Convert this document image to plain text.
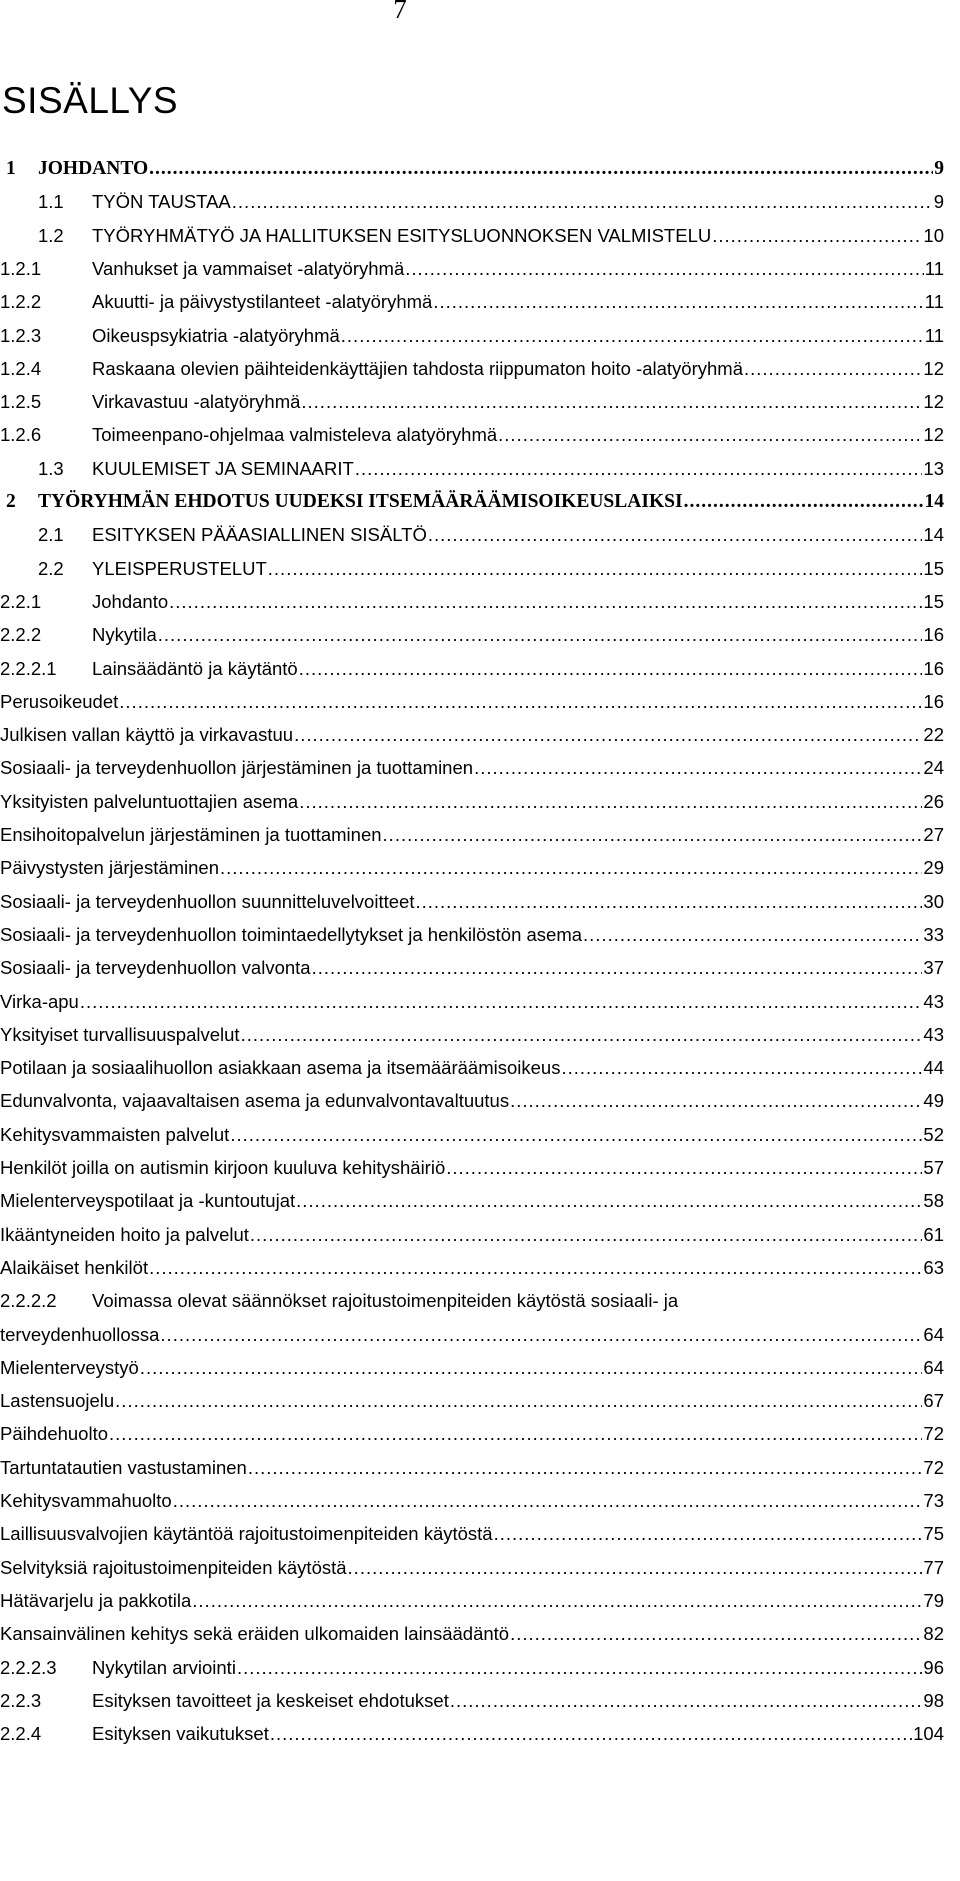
7
SISÄLLYS
1	JOHDANTO .....	9
1.1	TYÖN TAUSTAA .....	9
1.2	TYÖRYHMÄTYÖ JA HALLITUKSEN ESITYSLUONNOKSEN VALMISTELU .....	10
1.2.1	Vanhukset ja vammaiset -alatyöryhmä .....	11
1.2.2	Akuutti- ja päivystystilanteet -alatyöryhmä .....	11
1.2.3	Oikeuspsykiatria -alatyöryhmä .....	11
1.2.4	Raskaana olevien päihteidenkäyttäjien tahdosta riippumaton hoito -alatyöryhmä .....	12
1.2.5	Virkavastuu -alatyöryhmä .....	12
1.2.6	Toimeenpano-ohjelmaa valmisteleva alatyöryhmä .....	12
1.3	KUULEMISET JA SEMINAARIT .....	13
2	TYÖRYHMÄN EHDOTUS UUDEKSI ITSEMÄÄRÄÄMISOIKEUSLAIKSI .....	14
2.1	ESITYKSEN PÄÄASIALLINEN SISÄLTÖ .....	14
2.2	YLEISPERUSTELUT .....	15
2.2.1	Johdanto .....	15
2.2.2	Nykytila .....	16
2.2.2.1	Lainsäädäntö ja käytäntö .....	16
Perusoikeudet .....	16
Julkisen vallan käyttö ja virkavastuu .....	22
Sosiaali- ja terveydenhuollon järjestäminen ja tuottaminen .....	24
Yksityisten palveluntuottajien asema .....	26
Ensihoitopalvelun järjestäminen ja tuottaminen .....	27
Päivystysten järjestäminen .....	29
Sosiaali- ja terveydenhuollon suunnitteluvelvoitteet .....	30
Sosiaali- ja terveydenhuollon toimintaedellytykset ja henkilöstön asema .....	33
Sosiaali- ja terveydenhuollon valvonta .....	37
Virka-apu .....	43
Yksityiset turvallisuuspalvelut .....	43
Potilaan ja sosiaalihuollon asiakkaan asema ja itsemääräämisoikeus .....	44
Edunvalvonta, vajaavaltaisen asema ja edunvalvontavaltuutus .....	49
Kehitysvammaisten palvelut .....	52
Henkilöt joilla on autismin kirjoon kuuluva kehityshäiriö .....	57
Mielenterveyspotilaat ja -kuntoutujat .....	58
Ikääntyneiden hoito ja palvelut .....	61
Alaikäiset henkilöt .....	63
2.2.2.2	Voimassa olevat säännökset rajoitustoimenpiteiden käytöstä sosiaali- ja
terveydenhuollossa .....	64
Mielenterveystyö .....	64
Lastensuojelu .....	67
Päihdehuolto .....	72
Tartuntatautien vastustaminen .....	72
Kehitysvammahuolto .....	73
Laillisuusvalvojien käytäntöä rajoitustoimenpiteiden käytöstä .....	75
Selvityksiä rajoitustoimenpiteiden käytöstä .....	77
Hätävarjelu ja pakkotila .....	79
Kansainvälinen kehitys sekä eräiden ulkomaiden lainsäädäntö .....	82
2.2.2.3	Nykytilan arviointi .....	96
2.2.3	Esityksen tavoitteet ja keskeiset ehdotukset .....	98
2.2.4	Esityksen vaikutukset .....	104
